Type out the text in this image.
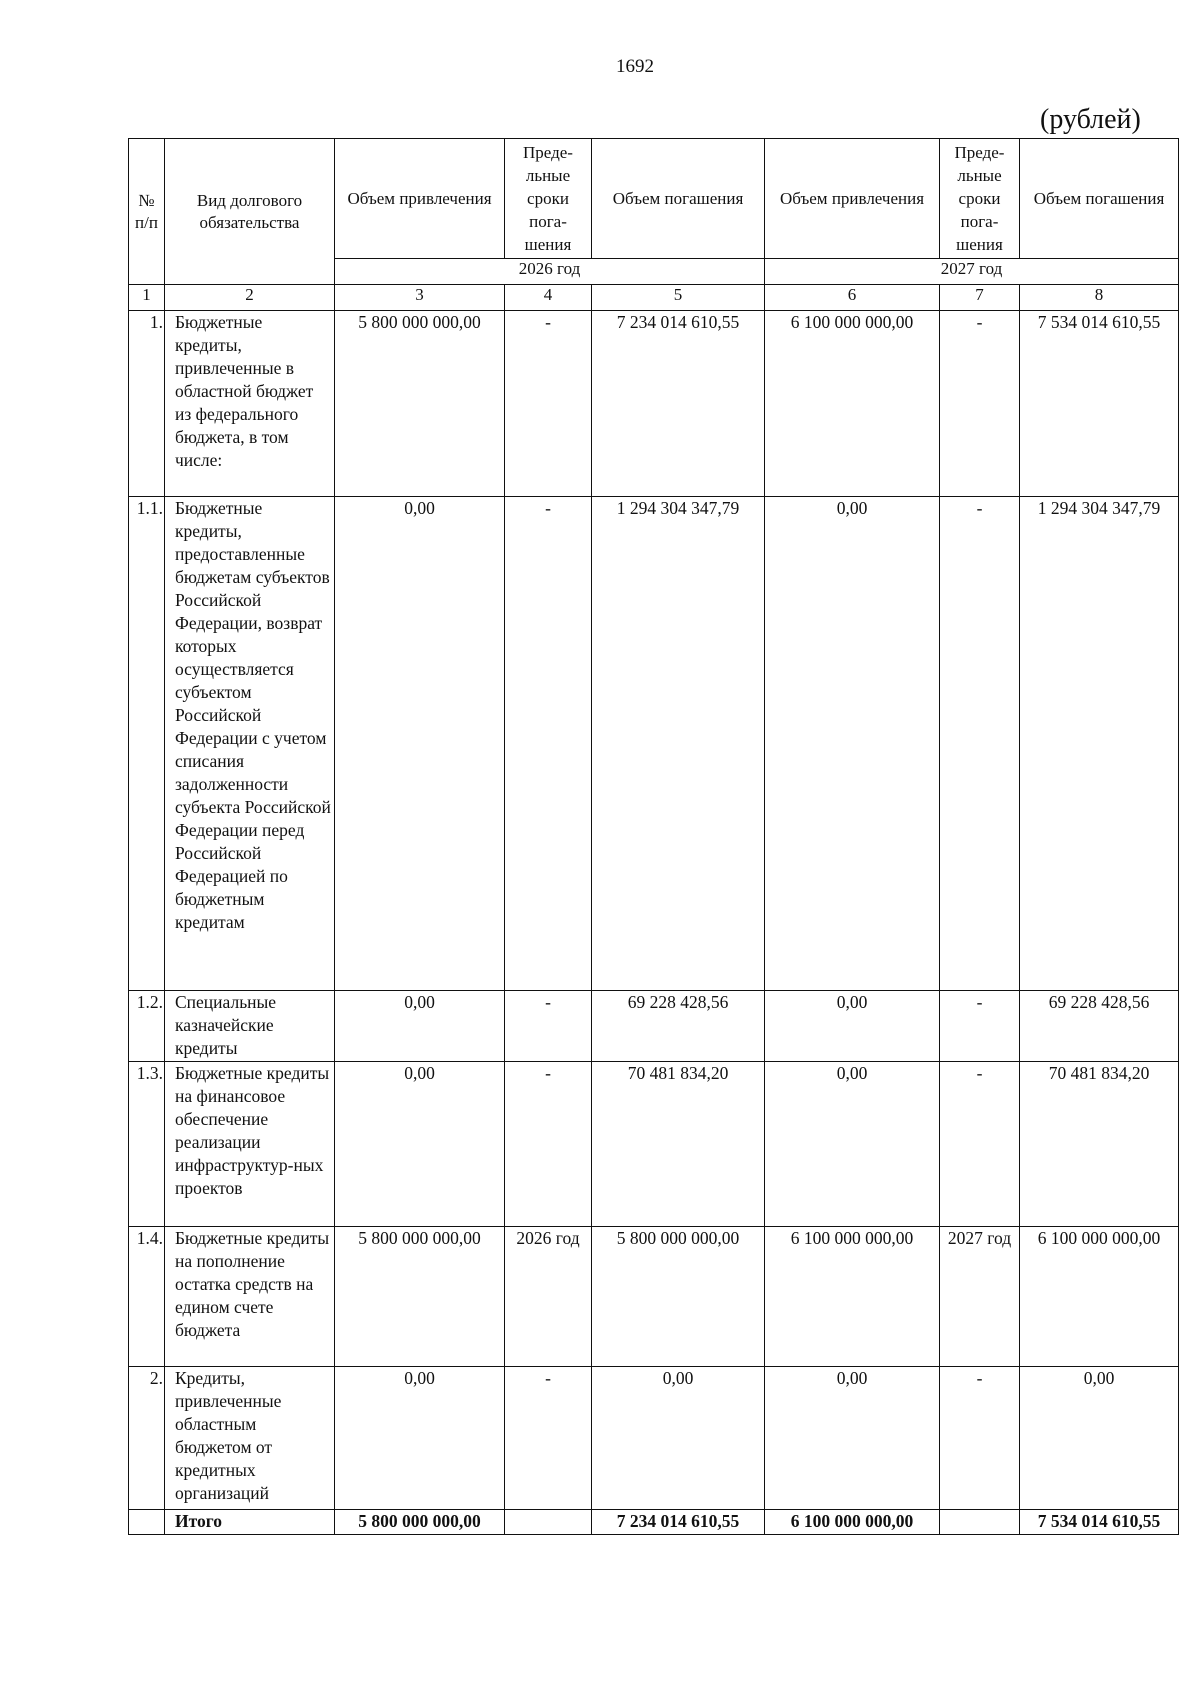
1692
(рублей)
№ п/п	Вид долгового обязательства	Объем привлечения	Преде-льные сроки пога-шения	Объем погашения	Объем привлечения	Преде-льные сроки пога-шения	Объем погашения
		2026 год			2027 год		
1	2	3	4	5	6	7	8
1.	Бюджетные кредиты, привлеченные в областной бюджет из федерального бюджета, в том числе:	5 800 000 000,00	-	7 234 014 610,55	6 100 000 000,00	-	7 534 014 610,55
1.1.	Бюджетные кредиты, предоставленные бюджетам субъектов Российской Федерации, возврат которых осуществляется субъектом Российской Федерации с учетом списания задолженности субъекта Российской Федерации перед Российской Федерацией по бюджетным кредитам	0,00	-	1 294 304 347,79	0,00	-	1 294 304 347,79
1.2.	Специальные казначейские кредиты	0,00	-	69 228 428,56	0,00	-	69 228 428,56
1.3.	Бюджетные кредиты на финансовое обеспечение реализации инфраструктур-ных проектов	0,00	-	70 481 834,20	0,00	-	70 481 834,20
1.4.	Бюджетные кредиты на пополнение остатка средств на едином счете бюджета	5 800 000 000,00	2026 год	5 800 000 000,00	6 100 000 000,00	2027 год	6 100 000 000,00
2.	Кредиты, привлеченные областным бюджетом от кредитных организаций	0,00	-	0,00	0,00	-	0,00
	Итого	5 800 000 000,00		7 234 014 610,55	6 100 000 000,00		7 534 014 610,55
